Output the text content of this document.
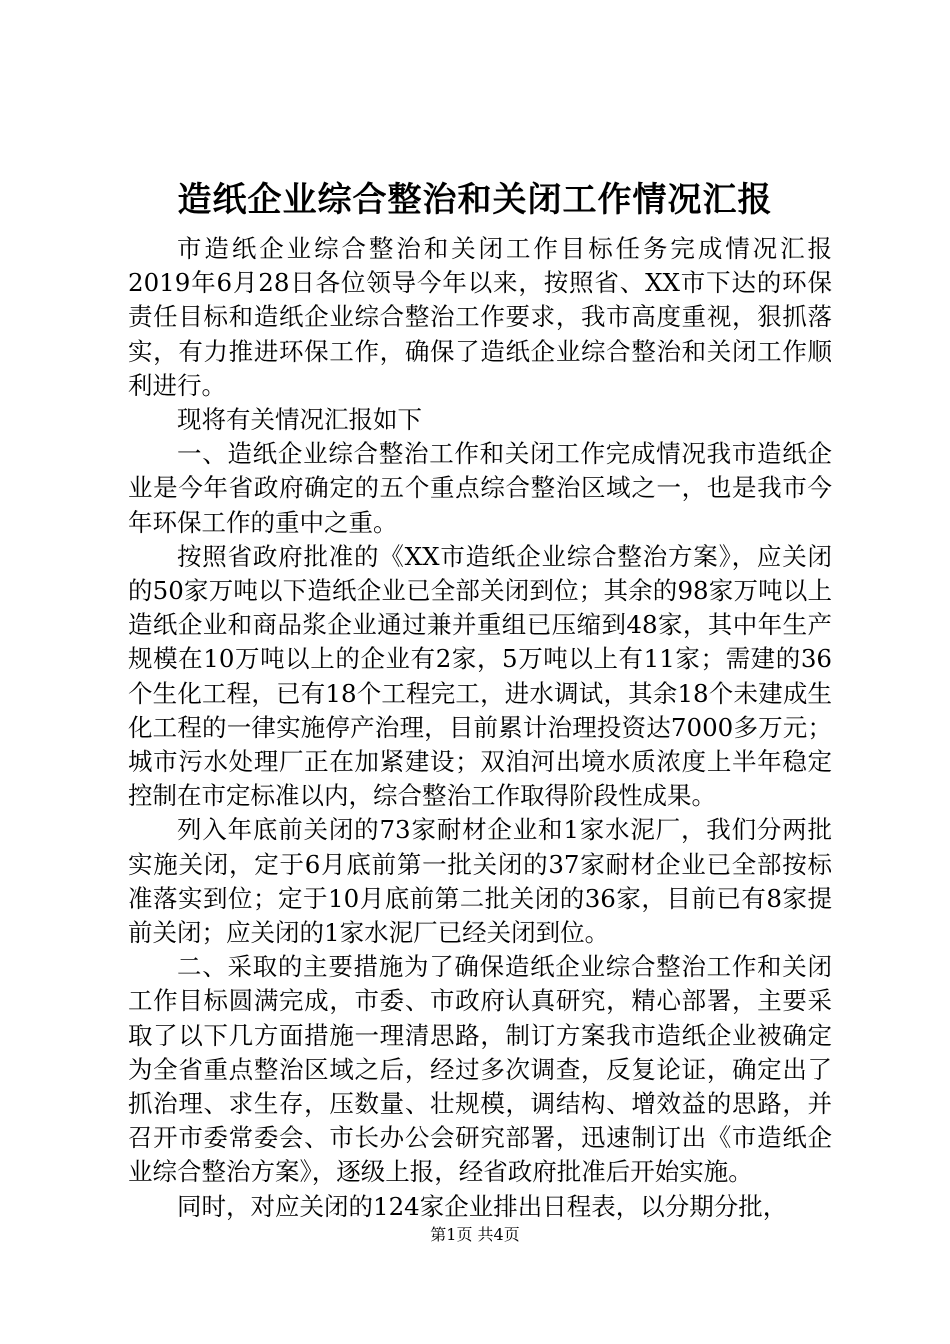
造纸企业综合整治和关闭工作情况汇报

市造纸企业综合整治和关闭工作目标任务完成情况汇报 2019年6月28日各位领导今年以来，按照省、XX市下达的环保责任目标和造纸企业综合整治工作要求，我市高度重视，狠抓落实，有力推进环保工作，确保了造纸企业综合整治和关闭工作顺利进行。

现将有关情况汇报如下

一、造纸企业综合整治工作和关闭工作完成情况我市造纸企业是今年省政府确定的五个重点综合整治区域之一，也是我市今年环保工作的重中之重。

按照省政府批准的《XX市造纸企业综合整治方案》，应关闭的50家万吨以下造纸企业已全部关闭到位；其余的98家万吨以上造纸企业和商品浆企业通过兼并重组已压缩到48家，其中年生产规模在10万吨以上的企业有2家，5万吨以上有11家；需建的36个生化工程，已有18个工程完工，进水调试，其余18个未建成生化工程的一律实施停产治理，目前累计治理投资达7000多万元；城市污水处理厂正在加紧建设；双洎河出境水质浓度上半年稳定控制在市定标准以内，综合整治工作取得阶段性成果。

列入年底前关闭的73家耐材企业和1家水泥厂，我们分两批实施关闭，定于6月底前第一批关闭的37家耐材企业已全部按标准落实到位；定于10月底前第二批关闭的36家，目前已有8家提前关闭；应关闭的1家水泥厂已经关闭到位。

二、采取的主要措施为了确保造纸企业综合整治工作和关闭工作目标圆满完成，市委、市政府认真研究，精心部署，主要采取了以下几方面措施一理清思路，制订方案我市造纸企业被确定为全省重点整治区域之后，经过多次调查，反复论证，确定出了抓治理、求生存，压数量、壮规模，调结构、增效益的思路，并召开市委常委会、市长办公会研究部署，迅速制订出《市造纸企业综合整治方案》，逐级上报，经省政府批准后开始实施。

同时，对应关闭的124家企业排出日程表，以分期分批，

第1页 共4页
